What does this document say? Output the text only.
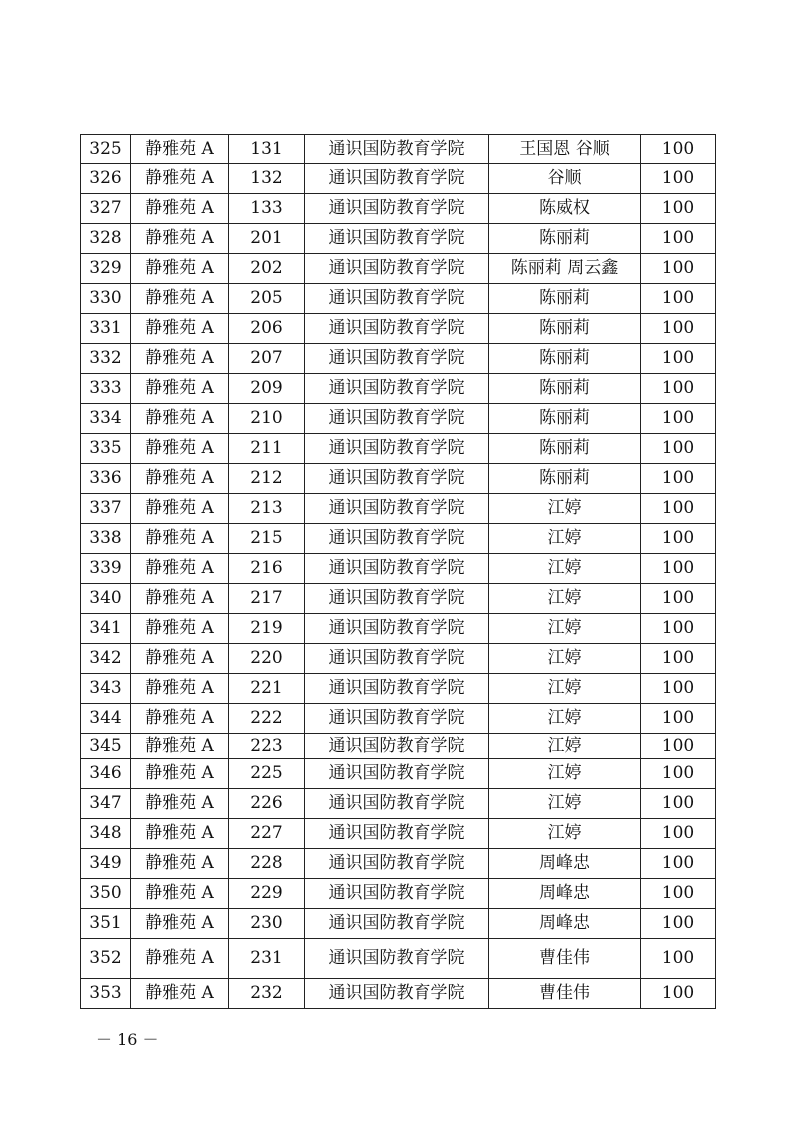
325	静雅苑 A	131	通识国防教育学院	王国恩 谷顺	100
326	静雅苑 A	132	通识国防教育学院	谷顺	100
327	静雅苑 A	133	通识国防教育学院	陈威权	100
328	静雅苑 A	201	通识国防教育学院	陈丽莉	100
329	静雅苑 A	202	通识国防教育学院	陈丽莉 周云鑫	100
330	静雅苑 A	205	通识国防教育学院	陈丽莉	100
331	静雅苑 A	206	通识国防教育学院	陈丽莉	100
332	静雅苑 A	207	通识国防教育学院	陈丽莉	100
333	静雅苑 A	209	通识国防教育学院	陈丽莉	100
334	静雅苑 A	210	通识国防教育学院	陈丽莉	100
335	静雅苑 A	211	通识国防教育学院	陈丽莉	100
336	静雅苑 A	212	通识国防教育学院	陈丽莉	100
337	静雅苑 A	213	通识国防教育学院	江婷	100
338	静雅苑 A	215	通识国防教育学院	江婷	100
339	静雅苑 A	216	通识国防教育学院	江婷	100
340	静雅苑 A	217	通识国防教育学院	江婷	100
341	静雅苑 A	219	通识国防教育学院	江婷	100
342	静雅苑 A	220	通识国防教育学院	江婷	100
343	静雅苑 A	221	通识国防教育学院	江婷	100
344	静雅苑 A	222	通识国防教育学院	江婷	100
345	静雅苑 A	223	通识国防教育学院	江婷	100
346	静雅苑 A	225	通识国防教育学院	江婷	100
347	静雅苑 A	226	通识国防教育学院	江婷	100
348	静雅苑 A	227	通识国防教育学院	江婷	100
349	静雅苑 A	228	通识国防教育学院	周峰忠	100
350	静雅苑 A	229	通识国防教育学院	周峰忠	100
351	静雅苑 A	230	通识国防教育学院	周峰忠	100
352	静雅苑 A	231	通识国防教育学院	曹佳伟	100
353	静雅苑 A	232	通识国防教育学院	曹佳伟	100
－ 16 －
